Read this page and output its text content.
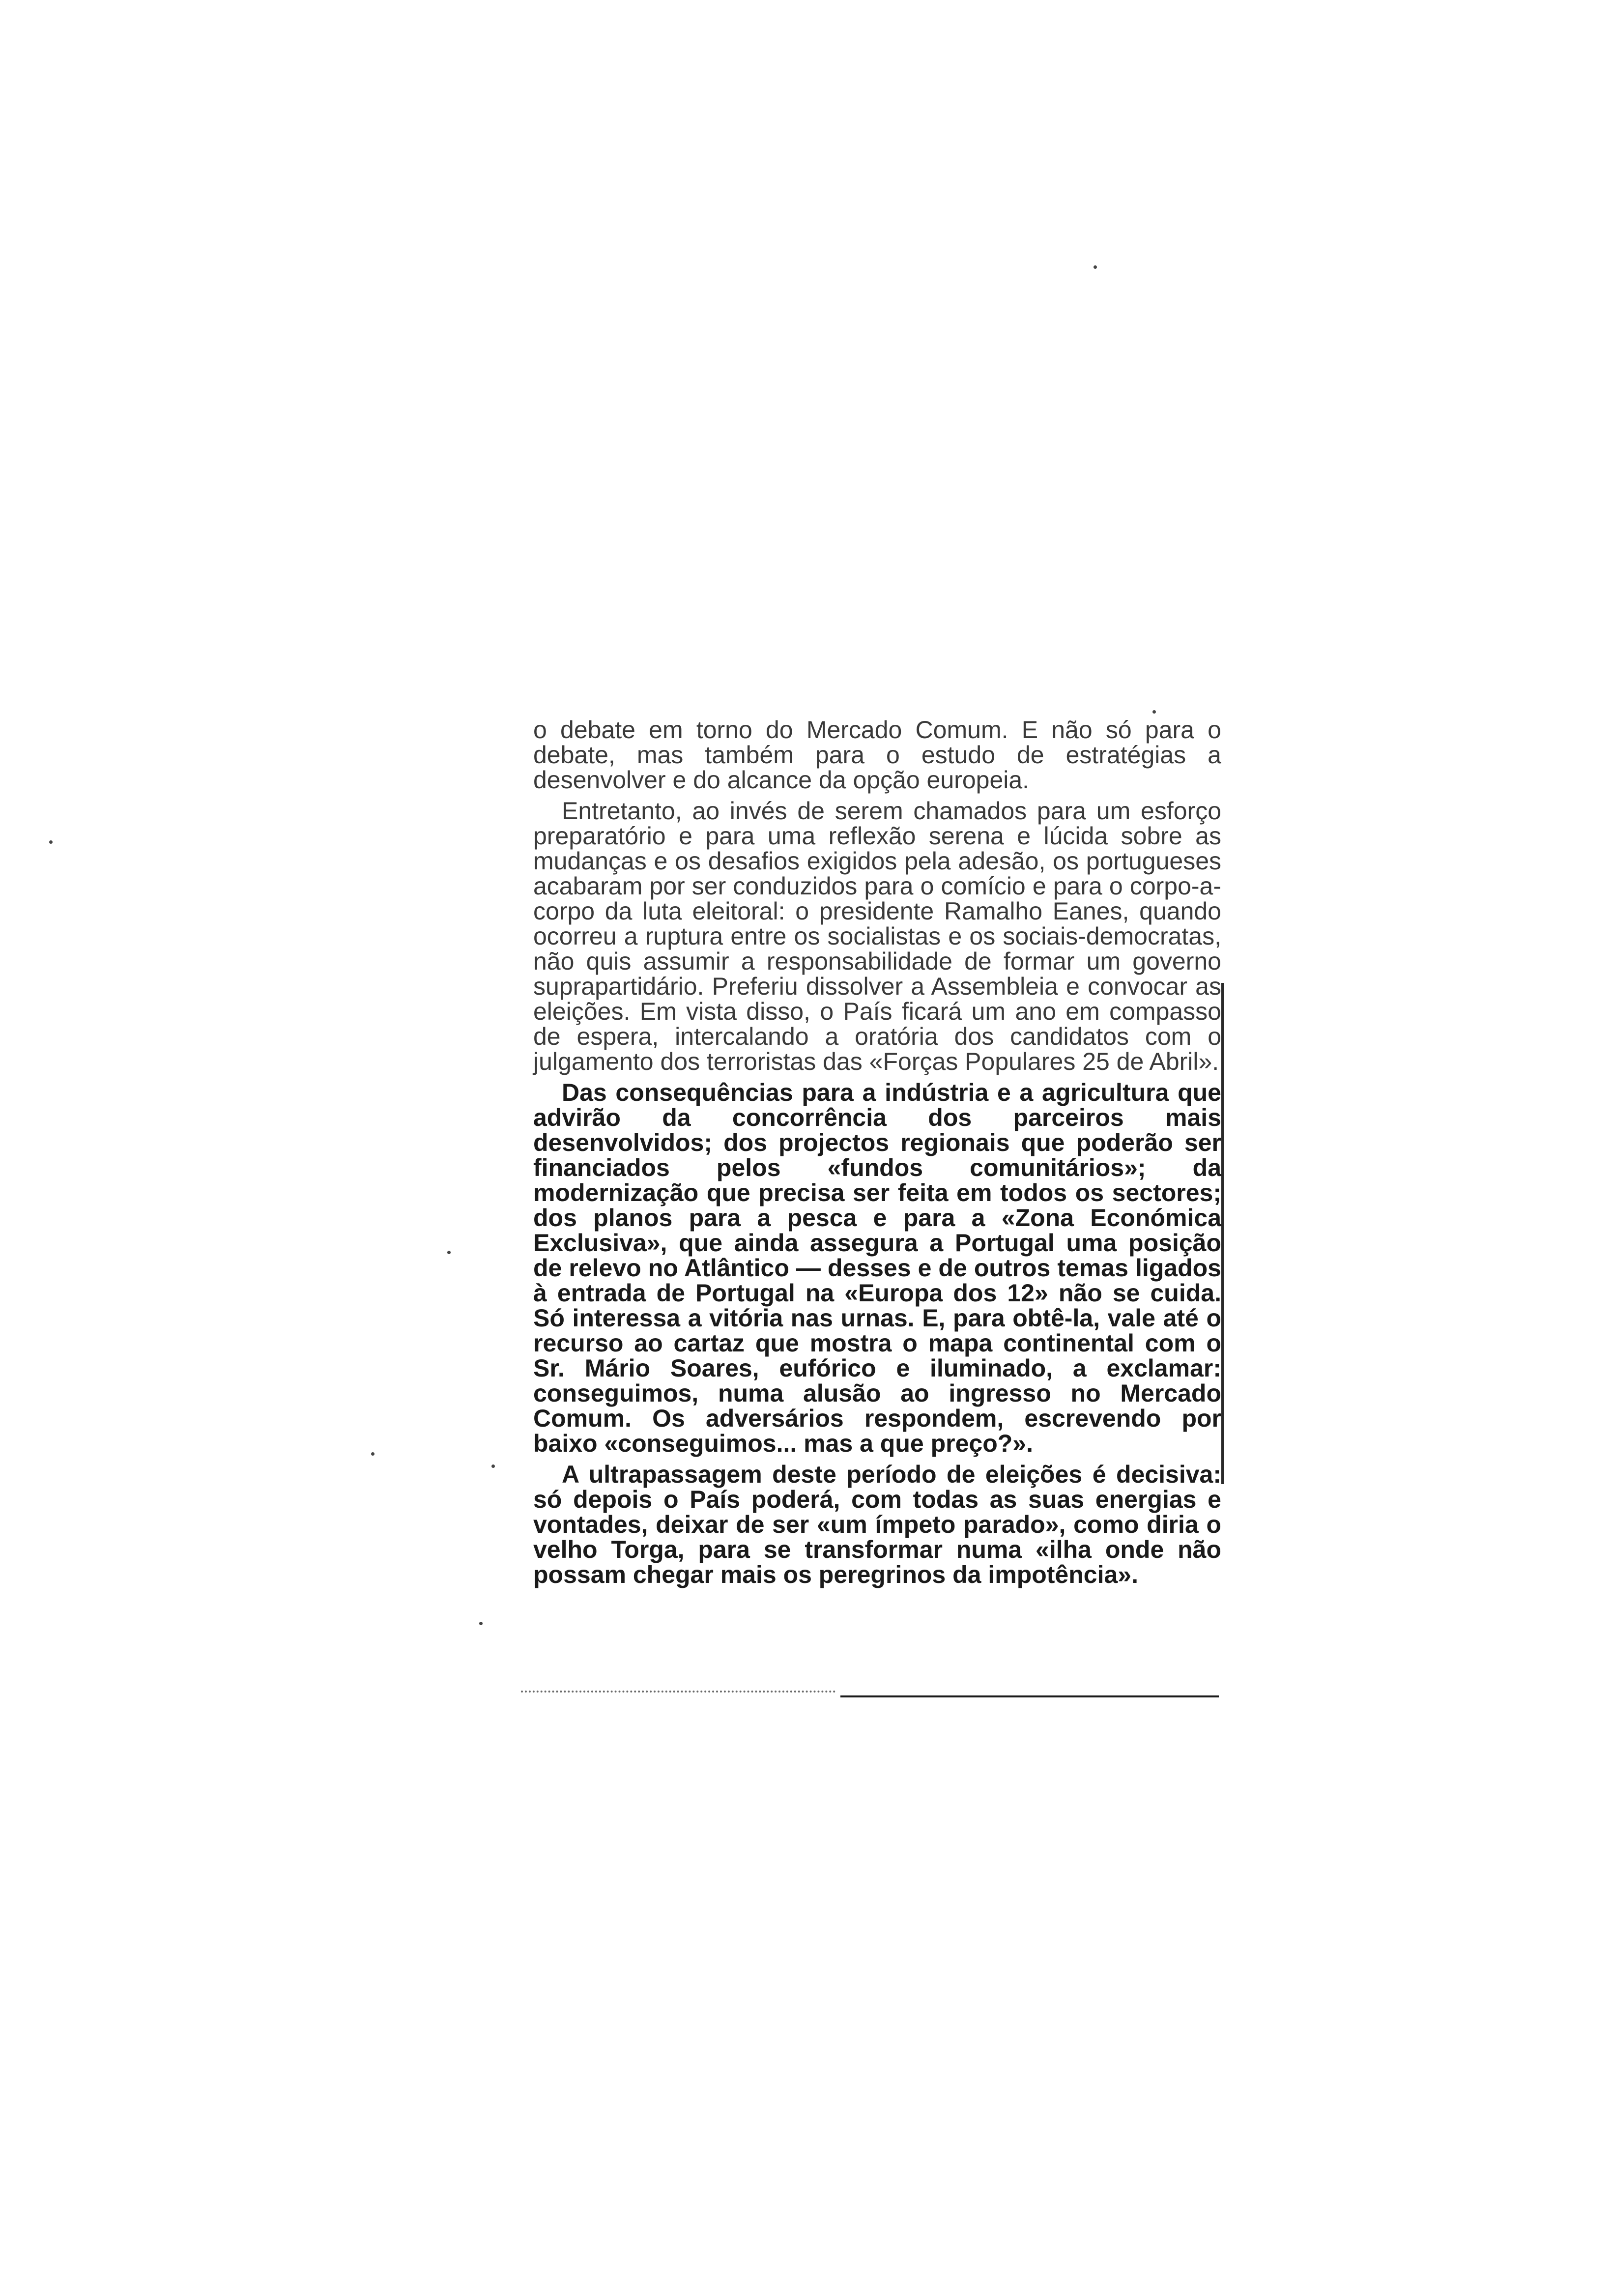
o debate em torno do Mercado Comum. E não só para o debate, mas também para o estudo de estratégias a desenvolver e do alcance da opção europeia.

Entretanto, ao invés de serem chamados para um esforço preparatório e para uma reflexão serena e lúcida sobre as mudanças e os desafios exigidos pela adesão, os portugueses acabaram por ser conduzidos para o comício e para o corpo-a-corpo da luta eleitoral: o presidente Ramalho Eanes, quando ocorreu a ruptura entre os socialistas e os sociais-democratas, não quis assumir a responsabilidade de formar um governo suprapartidário. Preferiu dissolver a Assembleia e convocar as eleições. Em vista disso, o País ficará um ano em compasso de espera, intercalando a oratória dos candidatos com o julgamento dos terroristas das «Forças Populares 25 de Abril».

Das consequências para a indústria e a agricultura que advirão da concorrência dos parceiros mais desenvolvidos; dos projectos regionais que poderão ser financiados pelos «fundos comunitários»; da modernização que precisa ser feita em todos os sectores; dos planos para a pesca e para a «Zona Económica Exclusiva», que ainda assegura a Portugal uma posição de relevo no Atlântico — desses e de outros temas ligados à entrada de Portugal na «Europa dos 12» não se cuida. Só interessa a vitória nas urnas. E, para obtê-la, vale até o recurso ao cartaz que mostra o mapa continental com o Sr. Mário Soares, eufórico e iluminado, a exclamar: conseguimos, numa alusão ao ingresso no Mercado Comum. Os adversários respondem, escrevendo por baixo «conseguimos... mas a que preço?».

A ultrapassagem deste período de eleições é decisiva: só depois o País poderá, com todas as suas energias e vontades, deixar de ser «um ímpeto parado», como diria o velho Torga, para se transformar numa «ilha onde não possam chegar mais os peregrinos da impotência».
